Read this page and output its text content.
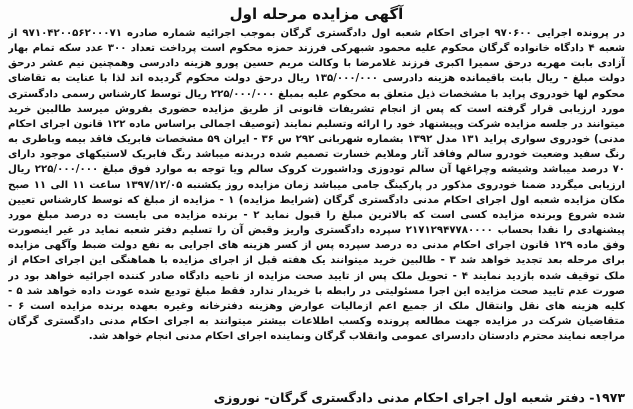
آگهی مزایده مرحله اول

در پرونده اجرایی ۹۷۰۶۰۰ اجرای احکام شعبه اول دادگستری گرگان بموجب اجرائیه شماره صادره ۹۷۱۰۴۲۰۰۵۶۲۰۰۰۷۱ از شعبه ۴ دادگاه خانواده گرگان محکوم علیه محمود شبهرکی فرزند حمزه محکوم است پرداخت تعداد ۳۰۰ عدد سکه تمام بهار آزادی بابت مهریه درحق سمیرا اکبری فرزند غلامرضا با وکالت مریم حسین پورو هزینه دادرسی وهمچنین نیم عشر درحق دولت مبلغ - ریال بابت باقیمانده هزینه دادرسی ۱۳۵/۰۰۰/۰۰۰ ریال درحق دولت محکوم گردیده اند لذا با عنایت به تقاضای محکوم لها خودروی پراید با مشخصات ذیل متعلق به محکوم علیه بمبلغ ۲۲۵/۰۰۰/۰۰۰ ریال توسط کارشناس رسمی دادگستری مورد ارزیابی قرار گرفته است که پس از انجام تشریفات قانونی از طریق مزایده حضوری بفروش میرسد طالبین خرید میتوانند در جلسه مزایده شرکت وپیشنهاد خود را ارائه وتسلیم نمایند (توصیف اجمالی براساس ماده ۱۲۲ قانون اجرای احکام مدنی) خودروی سواری پراید ۱۳۱ مدل ۱۳۹۲ بشماره شهربانی ۲۹۲ س ۳۶ - ایران ۵۹ مشخصات فابریک فاقد بیمه وباطری به رنگ سفید وضعیت خودرو سالم وفاقد آثار وملایم خسارت تصمیم شده دربدنه میباشد رنگ فابریک لاستیکهای موجود دارای ۷۰ درصد میباشد وشیشه وچراغها آن سالم تودوزی وداشبورت کروک سالم ویا توجه به موارد فوق مبلغ ۲۲۵/۰۰۰/۰۰۰ ریال ارزیابی میگردد ضمنا خودروی مذکور در پارکینگ جامی میباشد زمان مزایده روز یکشنبه ۱۳۹۷/۱۲/۰۵ ساعت ۱۱ الی ۱۱ صبح مکان مزایده شعبه اول اجرای احکام مدنی دادگستری گرگان (شرایط مزایده) ۱ - مزایده از مبلغ که توسط کارشناس تعیین شده شروع وبرنده مزایده کسی است که بالاترین مبلغ را قبول نماید ۲ - برنده مزایده می بایست ده درصد مبلغ مورد پیشنهادی را نقدا بحساب ۲۱۷۱۲۹۴۷۷۸۰۰۰۰ سپرده دادگستری واریز وقبض آن را تسلیم دفتر شعبه نماید در غیر اینصورت وفق ماده ۱۲۹ قانون اجرای احکام مدنی ده درصد سپرده پس از کسر هزینه های اجرایی به نفع دولت ضبط وآگهی مزایده برای مرحله بعد تجدید خواهد شد ۳ - طالبین خرید میتوانند یک هفته قبل از اجرای مزایده با هماهنگی این اجرای احکام از ملک توقیف شده بازدید نمایند ۴ - تحویل ملک پس از تایید صحت مزایده از ناحیه دادگاه صادر کننده اجرائیه خواهد بود در صورت عدم تایید صحت مزایده این اجرا مسئولیتی در رابطه با خریدار ندارد فقط مبلغ تودیع شده عودت داده خواهد شد ۵ - کلیه هزینه های نقل وانتقال ملک از جمیع اعم ازمالیات عوارض وهزینه دفترخانه وغیره بعهده برنده مزایده است ۶ - متقاضیان شرکت در مزایده جهت مطالعه پرونده وکسب اطلاعات بیشتر میتوانند به اجرای احکام مدنی دادگستری گرگان مراجعه نمایند محترم دادستان دادسرای عمومی وانقلاب گرگان ونماینده اجرای احکام مدنی انجام خواهد شد.

۱۹۷۳- دفتر شعبه اول اجرای احکام مدنی دادگستری گرگان- نوروزی
